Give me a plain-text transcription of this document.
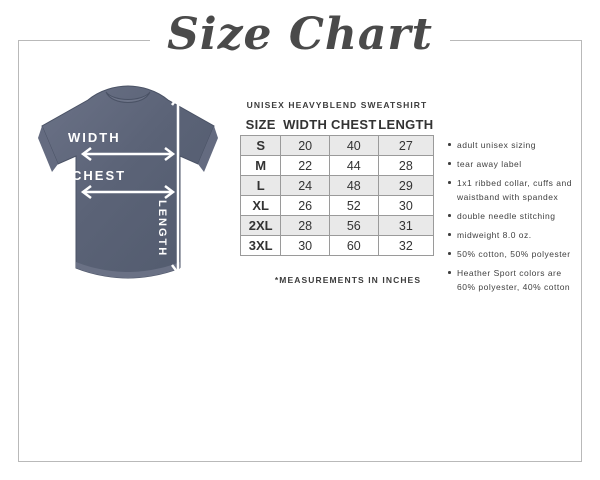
Size Chart
WIDTH
CHEST
LENGTH
UNISEX HEAVYBLEND SWEATSHIRT
SIZE	WIDTH	CHEST	LENGTH
S	20	40	27
M	22	44	28
L	24	48	29
XL	26	52	30
2XL	28	56	31
3XL	30	60	32
*MEASUREMENTS IN INCHES
adult unisex sizing
tear away label
1x1 ribbed collar, cuffs and waistband with spandex
double needle stitching
midweight 8.0 oz.
50% cotton, 50% polyester
Heather Sport colors are 60% polyester, 40% cotton
